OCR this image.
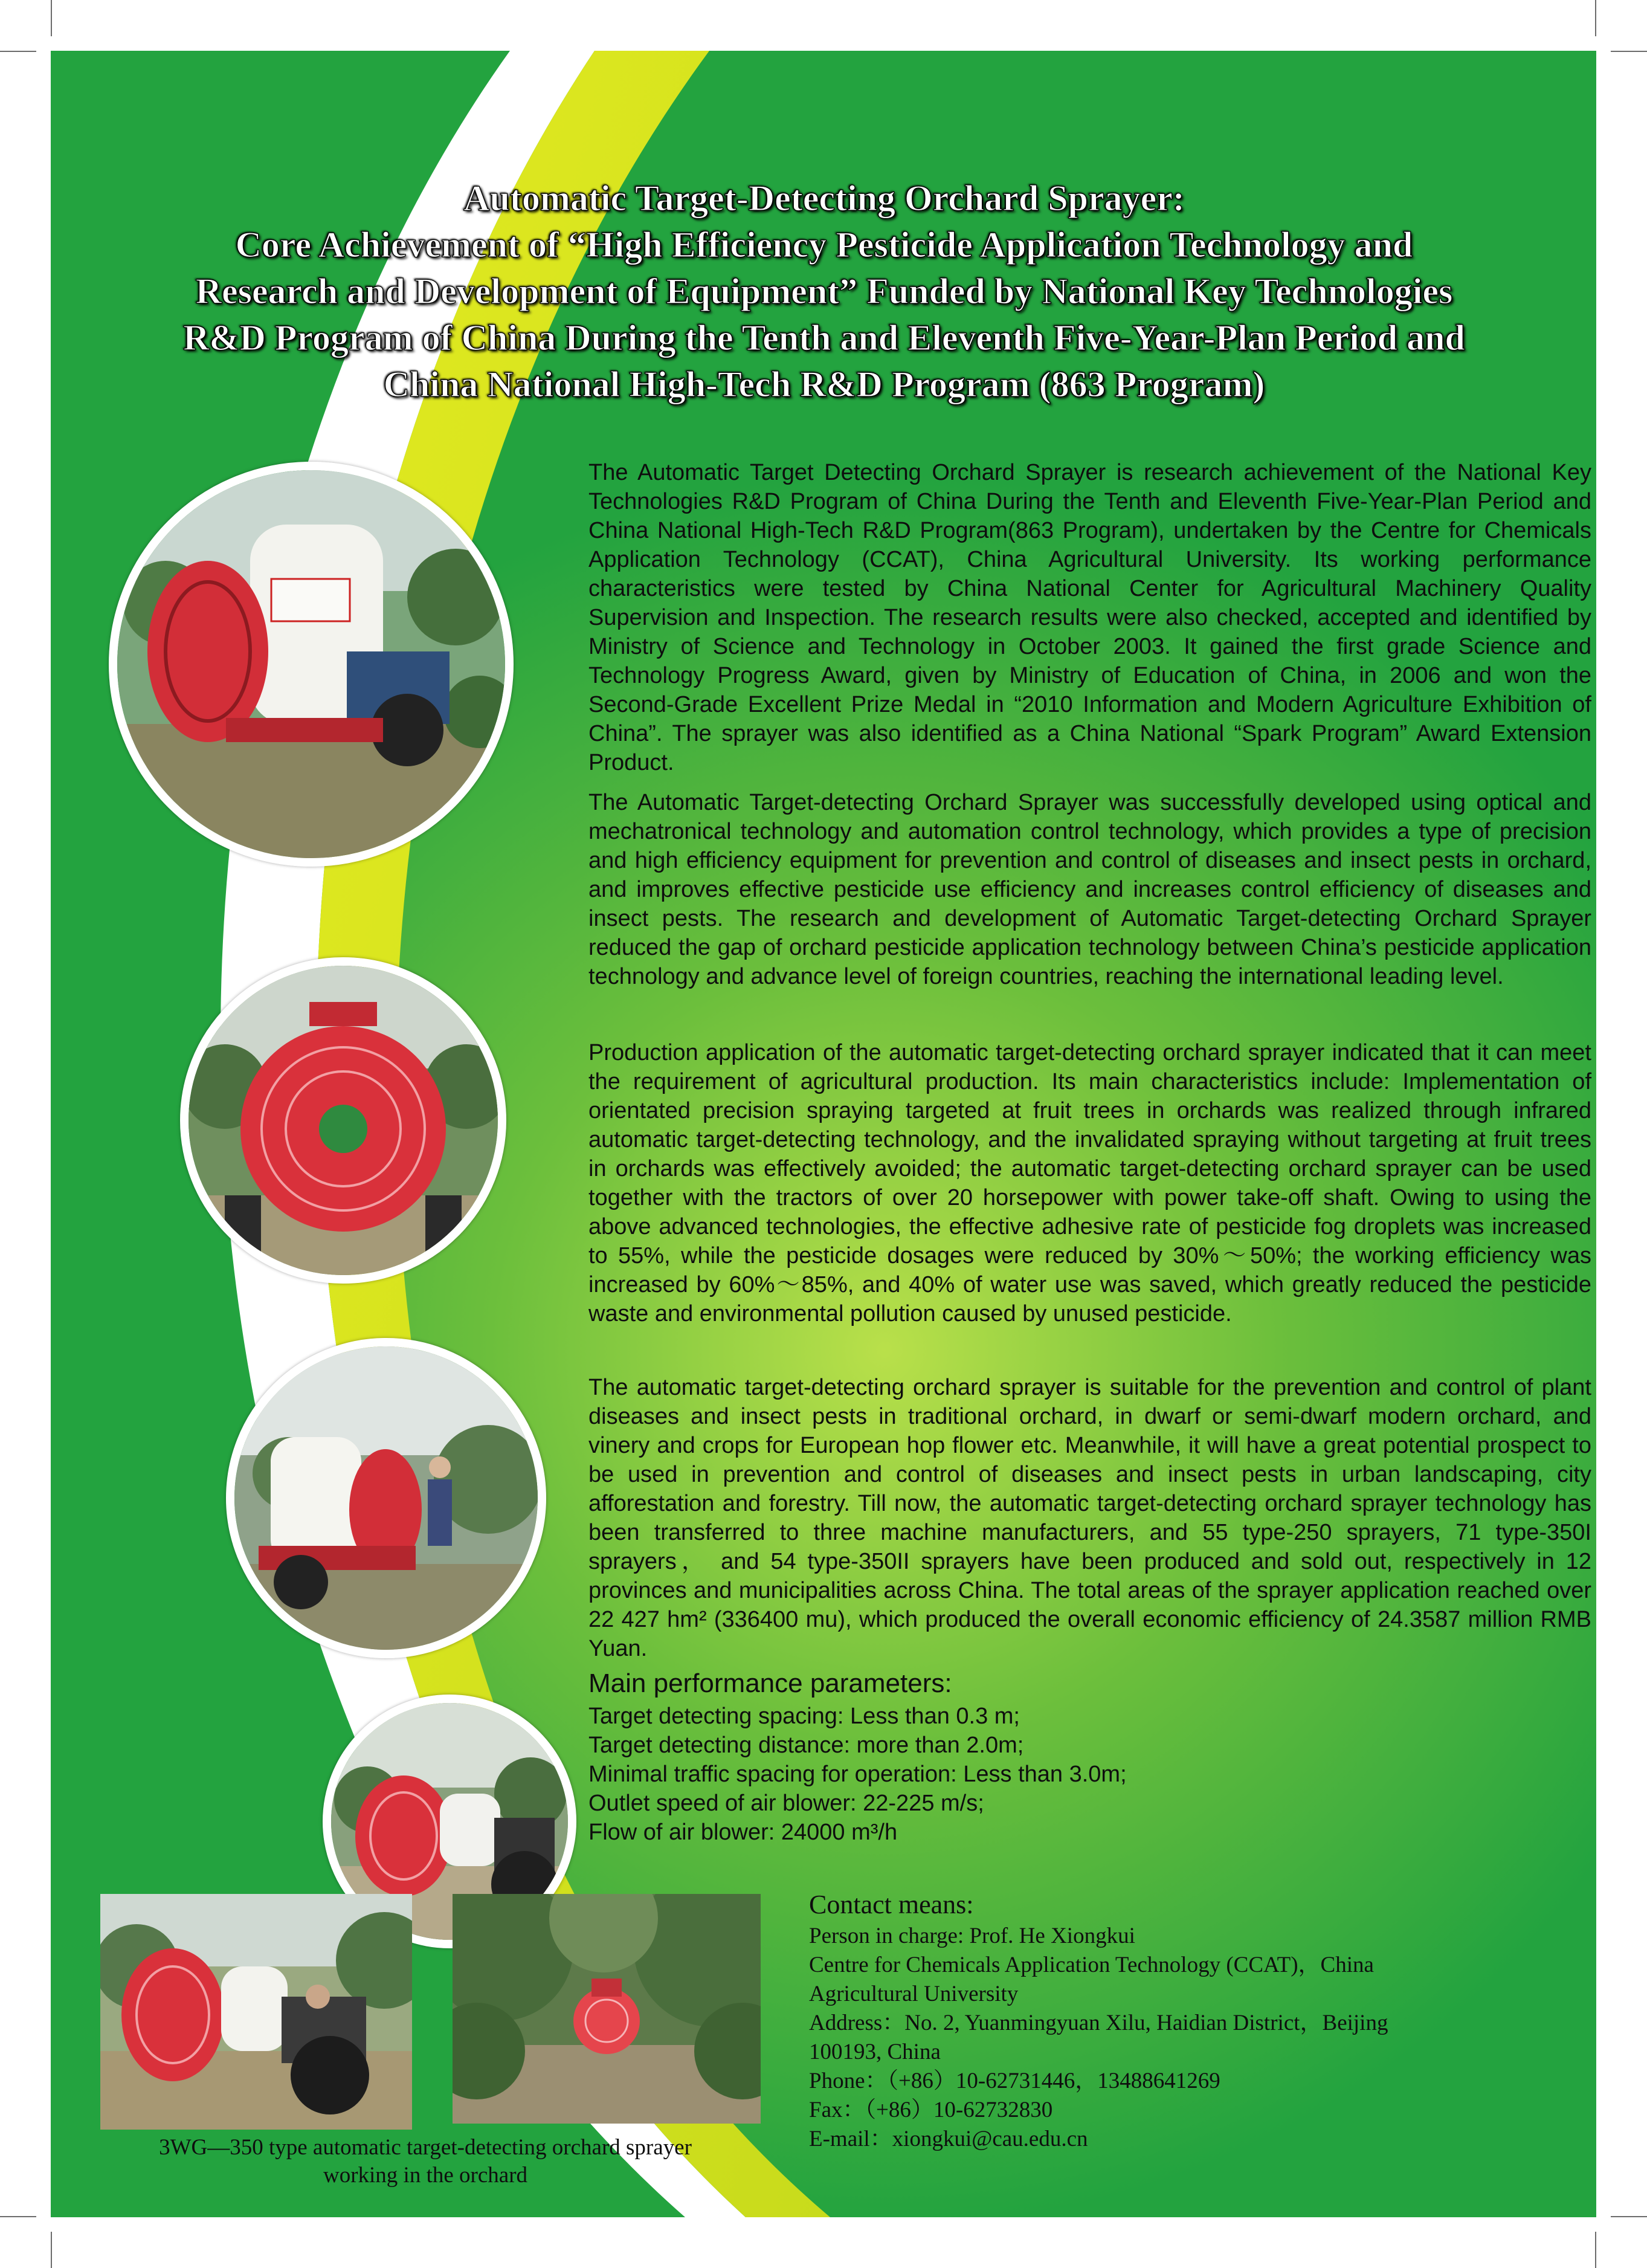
Automatic Target-Detecting Orchard Sprayer:
Core Achievement of “High Efficiency Pesticide Application Technology and
Research and Development of Equipment” Funded by National Key Technologies
R&D Program of China During the Tenth and Eleventh Five-Year-Plan Period and
China National High-Tech R&D Program (863 Program)

The Automatic Target Detecting Orchard Sprayer is research achievement of the National Key Technologies R&D Program of China During the Tenth and Eleventh Five-Year-Plan Period and China National High-Tech R&D Program(863 Program), undertaken by the Centre for Chemicals Application Technology (CCAT), China Agricultural University. Its working performance characteristics were tested by China National Center for Agricultural Machinery Quality Supervision and Inspection. The research results were also checked, accepted and identified by Ministry of Science and Technology in October 2003. It gained the first grade Science and Technology Progress Award, given by Ministry of Education of China, in 2006 and won the Second-Grade Excellent Prize Medal in “2010 Information and Modern Agriculture Exhibition of China”. The sprayer was also identified as a China National “Spark Program” Award Extension Product.

The Automatic Target-detecting Orchard Sprayer was successfully developed using optical and mechatronical technology and automation control technology, which provides a type of precision and high efficiency equipment for prevention and control of diseases and insect pests in orchard, and improves effective pesticide use efficiency and increases control efficiency of diseases and insect pests. The research and development of Automatic Target-detecting Orchard Sprayer reduced the gap of orchard pesticide application technology between China’s pesticide application technology and advance level of foreign countries, reaching the international leading level.

Production application of the automatic target-detecting orchard sprayer indicated that it can meet the requirement of agricultural production. Its main characteristics include: Implementation of orientated precision spraying targeted at fruit trees in orchards was realized through infrared automatic target-detecting technology, and the invalidated spraying without targeting at fruit trees in orchards was effectively avoided; the automatic target-detecting orchard sprayer can be used together with the tractors of over 20 horsepower with power take-off shaft. Owing to using the above advanced technologies, the effective adhesive rate of pesticide fog droplets was increased to 55%, while the pesticide dosages were reduced by 30%～50%; the working efficiency was increased by 60%～85%, and 40% of water use was saved, which greatly reduced the pesticide waste and environmental pollution caused by unused pesticide.

The automatic target-detecting orchard sprayer is suitable for the prevention and control of plant diseases and insect pests in traditional orchard, in dwarf or semi-dwarf modern orchard, and vinery and crops for European hop flower etc. Meanwhile, it will have a great potential prospect to be used in prevention and control of diseases and insect pests in urban landscaping, city afforestation and forestry. Till now, the automatic target-detecting orchard sprayer technology has been transferred to three machine manufacturers, and 55 type-250 sprayers, 71 type-350I sprayers， and 54 type-350II sprayers have been produced and sold out, respectively in 12 provinces and municipalities across China. The total areas of the sprayer application reached over 22 427 hm² (336400 mu), which produced the overall economic efficiency of 24.3587 million RMB Yuan.

Main performance parameters:
Target detecting spacing: Less than 0.3 m;
Target detecting distance: more than 2.0m;
Minimal traffic spacing for operation: Less than 3.0m;
Outlet speed of air blower: 22-225 m/s;
Flow of air blower: 24000 m³/h
Contact means:
Person in charge: Prof. He Xiongkui
Centre for Chemicals Application Technology (CCAT)，China
Agricultural University
Address：No. 2, Yuanmingyuan Xilu, Haidian District，Beijing
100193, China
Phone：（+86）10-62731446，13488641269
Fax：（+86）10-62732830
E-mail：xiongkui@cau.edu.cn
3WG—350 type automatic target-detecting orchard sprayer
working in the orchard
